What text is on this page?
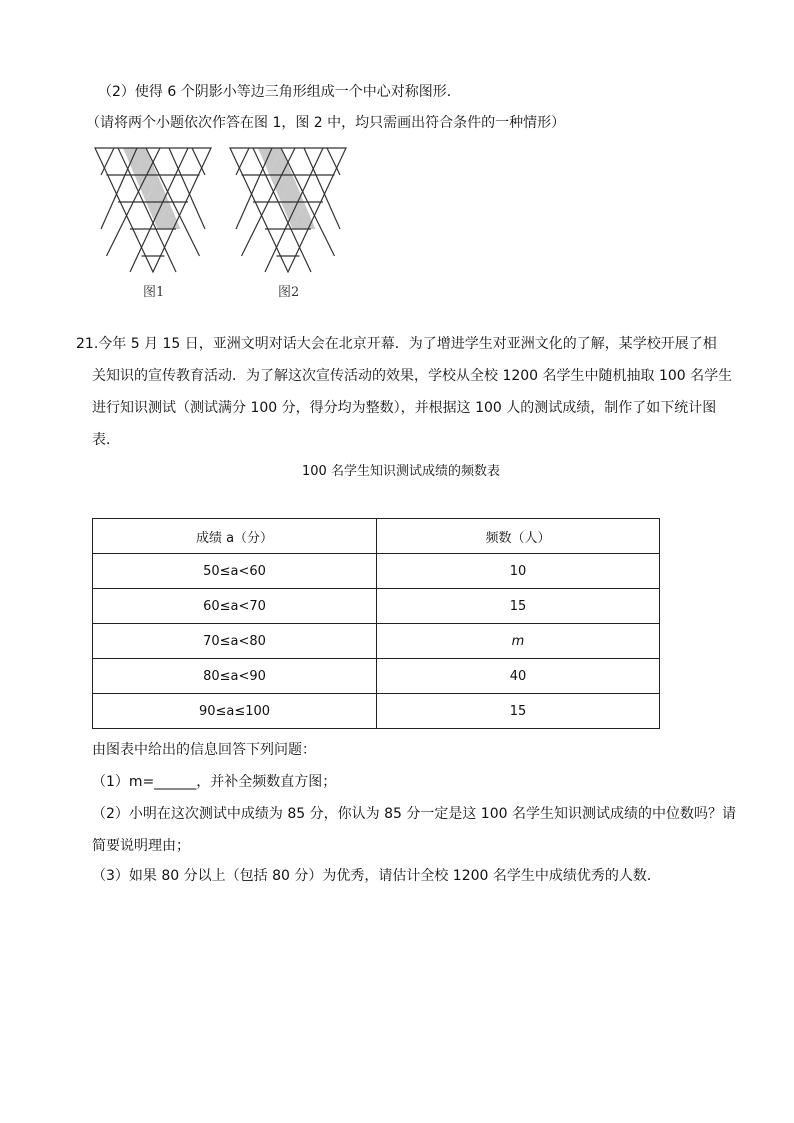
（2）使得 6 个阴影小等边三角形组成一个中心对称图形．
（请将两个小题依次作答在图 1，图 2 中，均只需画出符合条件的一种情形）
图1	图2
21.今年 5 月 15 日，亚洲文明对话大会在北京开幕．为了增进学生对亚洲文化的了解，某学校开展了相
关知识的宣传教育活动．为了解这次宣传活动的效果，学校从全校 1200 名学生中随机抽取 100 名学生
进行知识测试（测试满分 100 分，得分均为整数），并根据这 100 人的测试成绩，制作了如下统计图
表．
100 名学生知识测试成绩的频数表
成绩 a（分）	频数（人）
50≤a<60	10
60≤a<70	15
70≤a<80	m
80≤a<90	40
90≤a≤100	15
由图表中给出的信息回答下列问题：
（1）m=______，并补全频数直方图；
（2）小明在这次测试中成绩为 85 分，你认为 85 分一定是这 100 名学生知识测试成绩的中位数吗？请
简要说明理由；
（3）如果 80 分以上（包括 80 分）为优秀，请估计全校 1200 名学生中成绩优秀的人数．
